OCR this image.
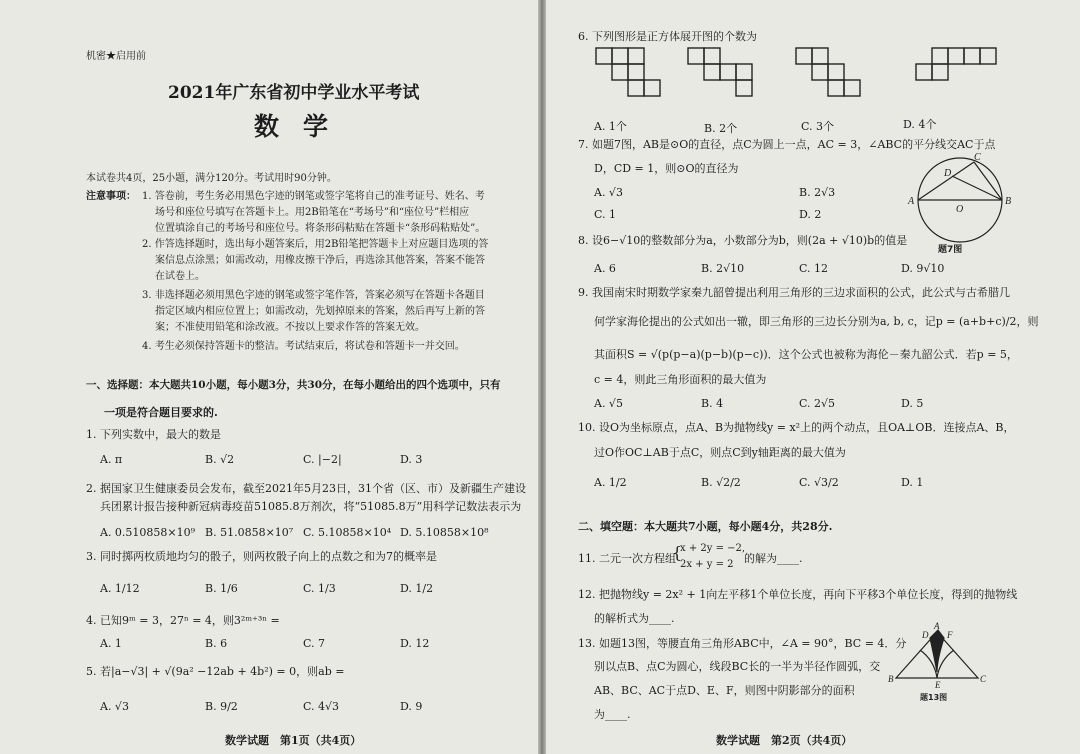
机密★启用前
2021年广东省初中学业水平考试
数学
本试卷共4页，25小题，满分120分。考试用时90分钟。
注意事项： 1. 答卷前，考生务必用黑色字迹的钢笔或签字笔将自己的准考证号、姓名、考
场号和座位号填写在答题卡上。用2B铅笔在“考场号”和“座位号”栏相应
位置填涂自己的考场号和座位号。将条形码粘贴在答题卡“条形码粘贴处”。
2. 作答选择题时，选出每小题答案后，用2B铅笔把答题卡上对应题目选项的答
案信息点涂黑；如需改动，用橡皮擦干净后，再选涂其他答案，答案不能答
在试卷上。
3. 非选择题必须用黑色字迹的钢笔或签字笔作答，答案必须写在答题卡各题目
指定区域内相应位置上；如需改动，先划掉原来的答案，然后再写上新的答
案；不准使用铅笔和涂改液。不按以上要求作答的答案无效。
4. 考生必须保持答题卡的整洁。考试结束后，将试卷和答题卡一并交回。
一、选择题：本大题共10小题，每小题3分，共30分，在每小题给出的四个选项中，只有
一项是符合题目要求的.
1. 下列实数中，最大的数是
A. π	B. √2	C. |−2|	D. 3
2. 据国家卫生健康委员会发布，截至2021年5月23日，31个省（区、市）及新疆生产建设
兵团累计报告接种新冠病毒疫苗51085.8万剂次，将“51085.8万”用科学记数法表示为
A. 0.510858×10⁹ B. 51.0858×10⁷ C. 5.10858×10⁴ D. 5.10858×10⁸
3. 同时掷两枚质地均匀的骰子，则两枚骰子向上的点数之和为7的概率是
A. 1/12	B. 1/6	C. 1/3	D. 1/2
4. 已知9ᵐ = 3，27ⁿ = 4，则3²ᵐ⁺³ⁿ =
A. 1	B. 6	C. 7	D. 12
5. 若|a−√3| + √(9a² −12ab + 4b²) = 0，则ab =
A. √3	B. 9/2	C. 4√3	D. 9
数学试题　第1页（共4页）
6. 下列图形是正方体展开图的个数为
A. 1个	B. 2个	C. 3个	D. 4个
7. 如题7图，AB是⊙O的直径，点C为圆上一点，AC = 3，∠ABC的平分线交AC于点
D，CD = 1，则⊙O的直径为
A. √3	B. 2√3
C. 1	D. 2
A	B
C
D
O
题7图
8. 设6−√10的整数部分为a，小数部分为b，则(2a + √10)b的值是
A. 6	B. 2√10	C. 12	D. 9√10
9. 我国南宋时期数学家秦九韶曾提出利用三角形的三边求面积的公式，此公式与古希腊几
何学家海伦提出的公式如出一辙，即三角形的三边长分别为a, b, c，记p = (a+b+c)/2，则
其面积S = √(p(p−a)(p−b)(p−c))．这个公式也被称为海伦－秦九韶公式．若p = 5，
c = 4，则此三角形面积的最大值为
A. √5	B. 4	C. 2√5	D. 5
10. 设O为坐标原点，点A、B为抛物线y = x²上的两个动点，且OA⊥OB．连接点A、B，
过O作OC⊥AB于点C，则点C到y轴距离的最大值为
A. 1/2	B. √2/2	C. √3/2	D. 1
二、填空题：本大题共7小题，每小题4分，共28分.
11. 二元一次方程组
{
x + 2y = −2,
2x + y = 2 的解为____.
12. 把抛物线y = 2x² + 1向左平移1个单位长度，再向下平移3个单位长度，得到的抛物线
的解析式为____.
13. 如题13图，等腰直角三角形ABC中，∠A = 90°，BC = 4．分
别以点B、点C为圆心，线段BC长的一半为半径作圆弧，交
AB、BC、AC于点D、E、F，则图中阴影部分的面积
为____.
A
B	C
D
E
F
题13图
数学试题　第2页（共4页）
